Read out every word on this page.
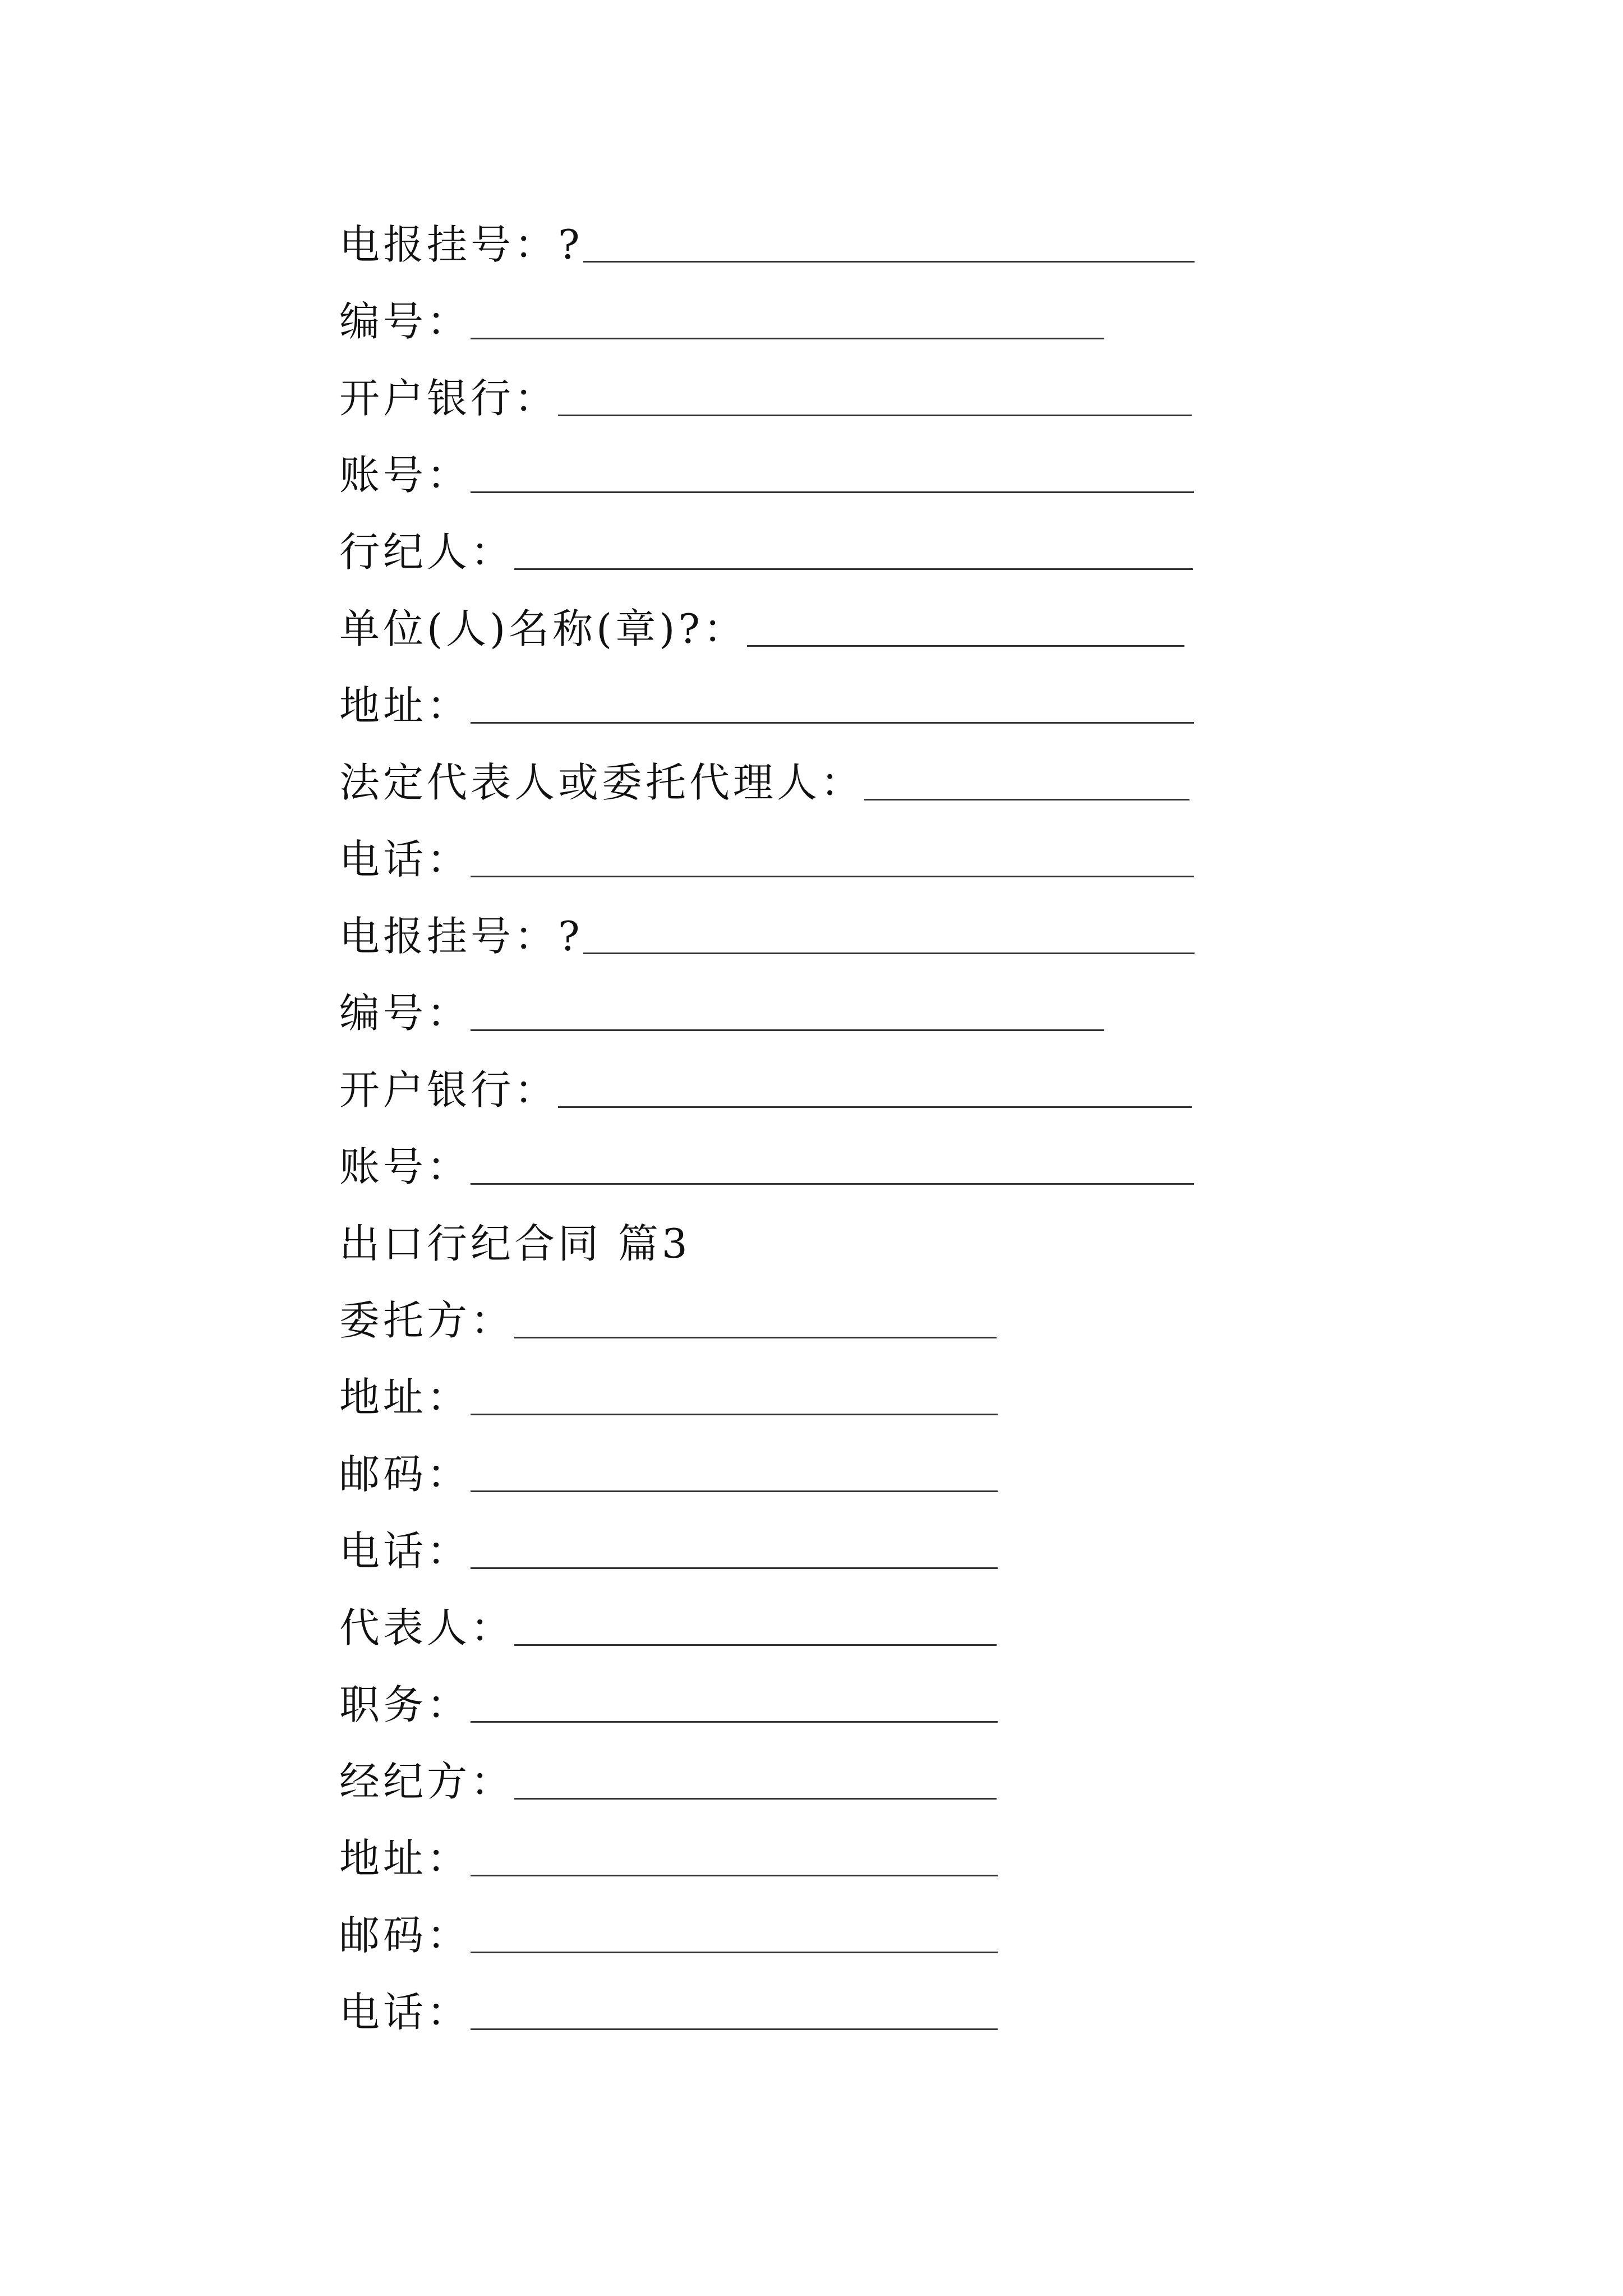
电报挂号：?
编号：
开户银行：
账号：
行纪人：
单位(人)名称(章)?：
地址：
法定代表人或委托代理人：
电话：
电报挂号：?
编号：
开户银行：
账号：
出口行纪合同 篇3
委托方：
地址：
邮码：
电话：
代表人：
职务：
经纪方：
地址：
邮码：
电话：
